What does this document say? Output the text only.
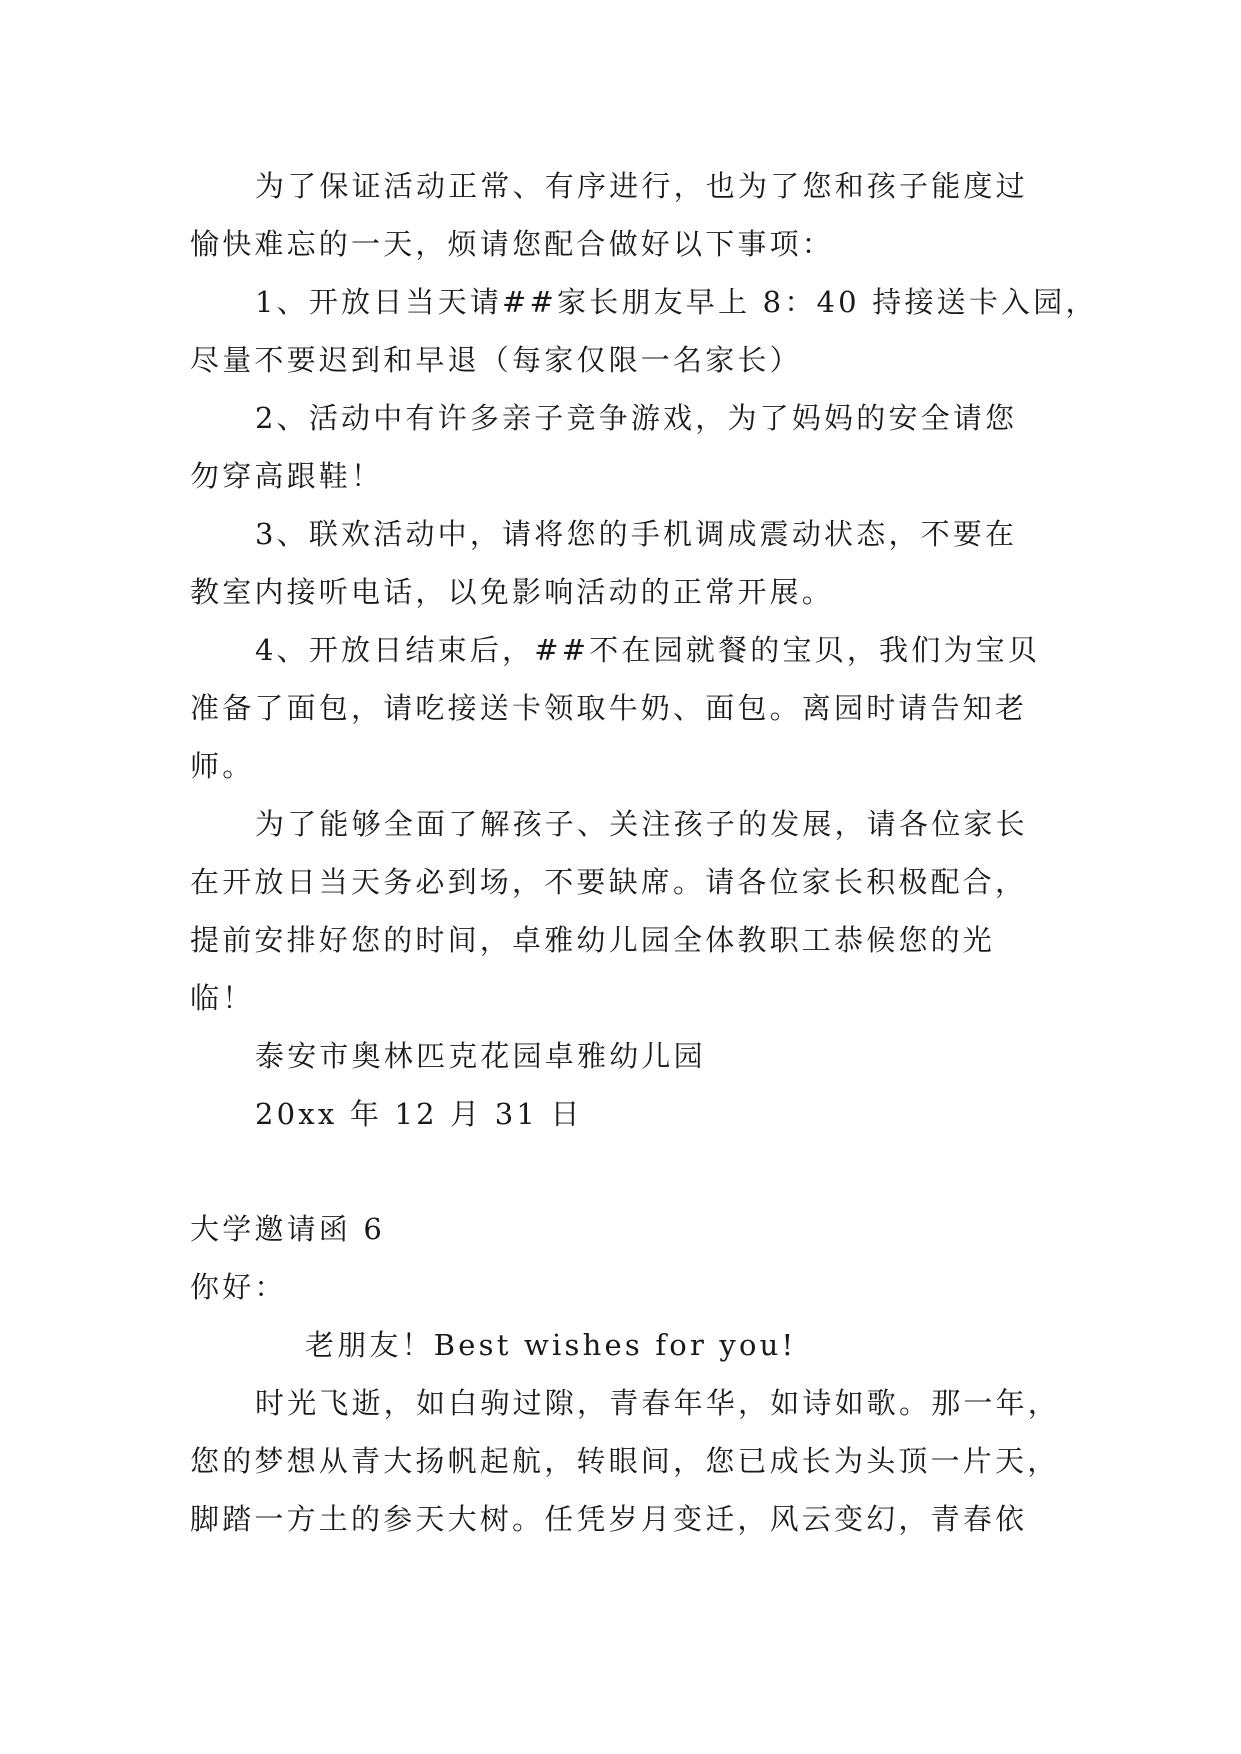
为了保证活动正常、有序进行，也为了您和孩子能度过
愉快难忘的一天，烦请您配合做好以下事项：
1、开放日当天请##家长朋友早上 8：40 持接送卡入园，
尽量不要迟到和早退（每家仅限一名家长）
2、活动中有许多亲子竞争游戏，为了妈妈的安全请您
勿穿高跟鞋！
3、联欢活动中，请将您的手机调成震动状态，不要在
教室内接听电话，以免影响活动的正常开展。
4、开放日结束后，##不在园就餐的宝贝，我们为宝贝
准备了面包，请吃接送卡领取牛奶、面包。离园时请告知老
师。
为了能够全面了解孩子、关注孩子的发展，请各位家长
在开放日当天务必到场，不要缺席。请各位家长积极配合，
提前安排好您的时间，卓雅幼儿园全体教职工恭候您的光
临！
泰安市奥林匹克花园卓雅幼儿园
20xx 年 12 月 31 日
大学邀请函 6
你好：
老朋友！Best wishes for you!
时光飞逝，如白驹过隙，青春年华，如诗如歌。那一年，
您的梦想从青大扬帆起航，转眼间，您已成长为头顶一片天，
脚踏一方土的参天大树。任凭岁月变迁，风云变幻，青春依
